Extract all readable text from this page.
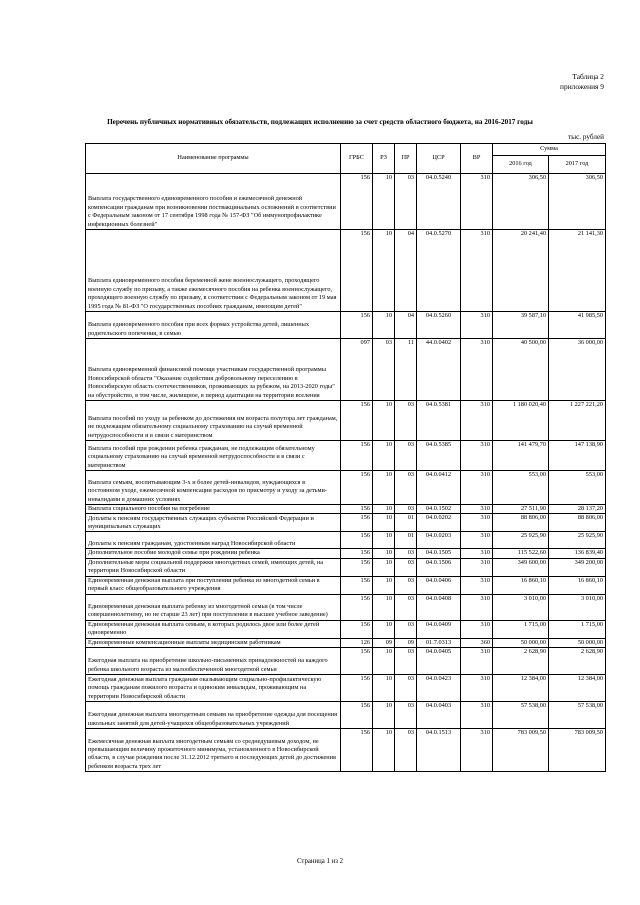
Таблица 2
приложения 9
Перечень публичных нормативных обязательств, подлежащих исполнению за счет средств областного бюджета, на 2016-2017 годы
тыс. рублей
Наименование программы	ГРБС	РЗ	ПР	ЦСР	ВР	Сумма	
						2016 год	2017 год
Выплата государственного единовременного пособия и ежемесячной денежной компенсации гражданам при возникновении поствакцинальных осложнений в соответствии с Федеральным законом от 17 сентября 1998 года № 157-ФЗ "Об иммунопрофилактике инфекционных болезней"	156	10	03	04.0.5240	310	306,50	306,50
Выплата единовременного пособия беременной жене военнослужащего, проходящего военную службу по призыву, а также ежемесячного пособия на ребенка военнослужащего, проходящего военную службу по призыву, в соответствии с Федеральным законом от 19 мая 1995 года № 81-ФЗ "О государственных пособиях гражданам, имеющим детей"	156	10	04	04.0.5270	310	20 241,40	21 141,30
Выплата единовременного пособия при всех формах устройства детей, лишенных родительского попечения, в семью	156	10	04	04.0.5260	310	39 587,10	41 985,50
Выплата единовременной финансовой помощи участникам государственной программы Новосибирской области "Оказание содействия добровольному переселению в Новосибирскую область соотечественников, проживающих за рубежом, на 2013-2020 годы" на обустройство, в том числе, жилищное, в период адаптации на территории вселения	097	03	11	44.0.0402	310	40 500,00	36 000,00
Выплата пособий по уходу за ребенком до достижения им возраста полутора лет гражданам, не подлежащим обязательному социальному страхованию на случай временной нетрудоспособности и в связи с материнством	156	10	03	04.0.5381	310	1 180 020,40	1 227 221,20
Выплата пособий при рождении ребенка гражданам, не подлежащим обязательному социальному страхованию на случай временной нетрудоспособности и в связи с материнством	156	10	03	04.0.5385	310	141 479,70	147 138,90
Выплата семьям, воспитывающим 3-х и более детей-инвалидов, нуждающихся в постоянном уходе, ежемесячной компенсации расходов по присмотру и уходу за детьми-инвалидами в домашних условиях	156	10	03	04.0.0412	310	553,00	553,00
Выплата социального пособия на погребение	156	10	03	04.0.1502	310	27 511,90	28 137,20
Доплаты к пенсиям государственных служащих субъектов Российской Федерации и муниципальных служащих	156	10	01	04.0.0202	310	88 806,00	88 806,00
Доплаты к пенсиям гражданам, удостоенным наград Новосибирской области	156	10	01	04.0.0203	310	25 925,90	25 925,90
Дополнительное пособие молодой семье при рождении ребенка	156	10	03	04.0.1505	310	115 522,60	136 839,40
Дополнительные меры социальной поддержки многодетных семей, имеющих детей, на территории Новосибирской области	156	10	03	04.0.1506	310	349 600,00	349 200,00
Единовременная денежная выплата при поступлении ребенка из многодетной семьи в первый класс общеобразовательного учреждения	156	10	03	04.0.0406	310	16 860,10	16 860,10
Единовременная денежная выплата ребенку из многодетной семьи (в том числе совершеннолетнему, но не старше 23 лет) при поступлении в высшее учебное заведение)	156	10	03	04.0.0408	310	3 010,00	3 010,00
Единовременная денежная выплата семьям, в которых родилось двое или более детей одновременно	156	10	03	04.0.0409	310	1 715,00	1 715,00
Единовременные компенсационные выплаты медицинским работникам	126	09	09	01.7.0313	360	50 000,00	50 000,00
Ежегодная выплата на приобретение школьно-письменных принадлежностей на каждого ребенка школьного возраста из малообеспеченной многодетной семьи	156	10	03	04.0.0405	310	2 628,90	2 628,90
Ежегодная денежная выплата гражданам оказывающим социально-профилактическую помощь гражданам пожилого возраста и одиноким инвалидам, проживающим на территории Новосибирской области	156	10	03	04.0.0423	310	12 384,00	12 384,00
Ежегодная денежная выплата многодетным семьям на приобретение одежды для посещения школьных занятий для детей-учащихся общеобразовательных учреждений	156	10	03	04.0.0403	310	57 538,00	57 538,00
Ежемесячная денежная выплата многодетным семьям со среднедушевым доходом, не превышающим величину прожиточного минимума, установленного в Новосибирской области, в случае рождения после 31.12.2012 третьего и последующих детей до достижения ребенком возраста трех лет	156	10	03	04.0.1513	310	783 009,50	783 009,50
Страница 1 из 2
